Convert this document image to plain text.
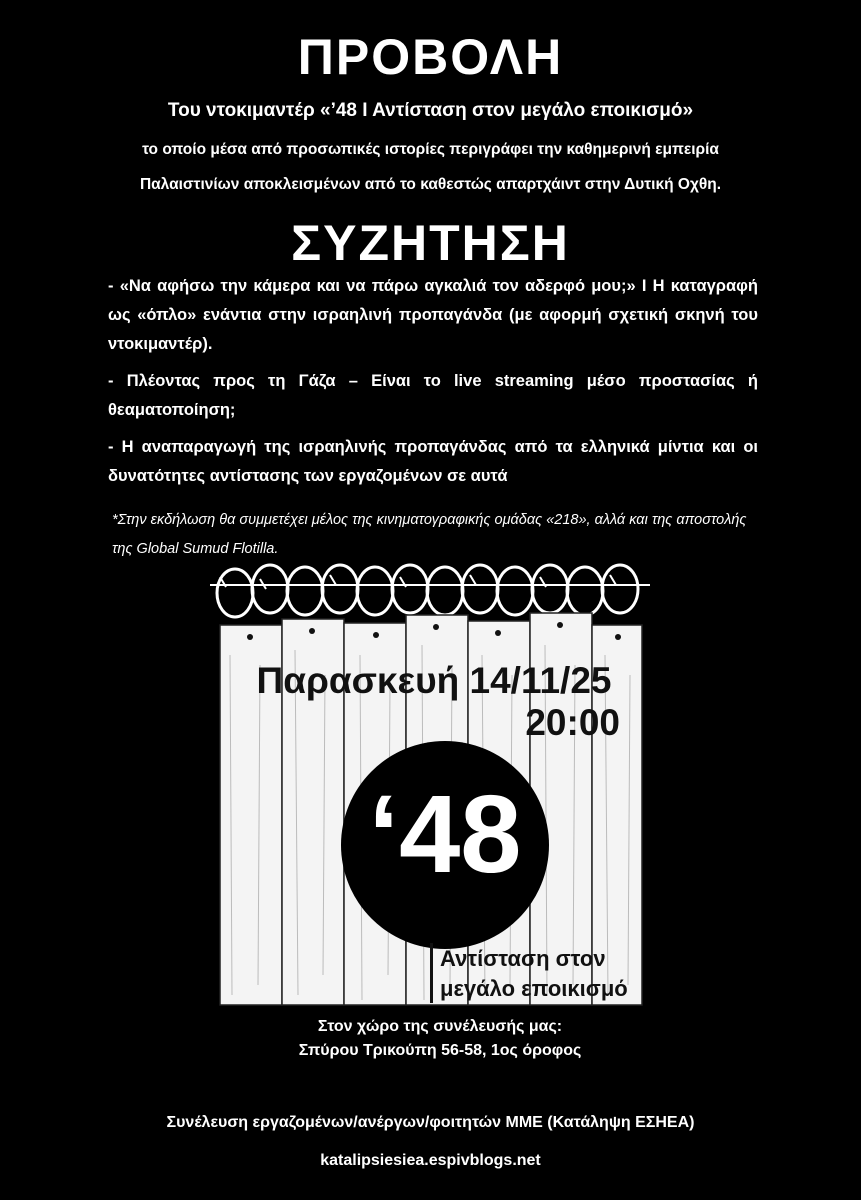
ΠΡΟΒΟΛΗ
Του ντοκιμαντέρ «’48 Ι Αντίσταση στον μεγάλο εποικισμό»
το οποίο μέσα από προσωπικές ιστορίες περιγράφει την καθημερινή εμπειρία
Παλαιστινίων αποκλεισμένων από το καθεστώς απαρτχάιντ στην Δυτική Οχθη.
ΣΥΖΗΤΗΣΗ

- «Να αφήσω την κάμερα και να πάρω αγκαλιά τον αδερφό μου;» Ι Η καταγραφή ως «όπλο» ενάντια στην ισραηλινή προπαγάνδα (με αφορμή σχετική σκηνή του ντοκιμαντέρ).

- Πλέοντας προς τη Γάζα – Είναι το live streaming μέσο προστασίας ή θεαματοποίηση;

- Η αναπαραγωγή της ισραηλινής προπαγάνδας από τα ελληνικά μίντια και οι δυνατότητες αντίστασης των εργαζομένων σε αυτά

*Στην εκδήλωση θα συμμετέχει μέλος της κινηματογραφικής ομάδας «218», αλλά και της αποστολής της Global Sumud Flotilla.
Παρασκευή 14/11/25
20:00
‘48
Αντίσταση στον
μεγάλο εποικισμό
Στον χώρο της συνέλευσής μας:
Σπύρου Τρικούπη 56-58, 1ος όροφος
Συνέλευση εργαζομένων/ανέργων/φοιτητών ΜΜΕ (Κατάληψη ΕΣΗΕΑ)
katalipsiesiea.espivblogs.net
